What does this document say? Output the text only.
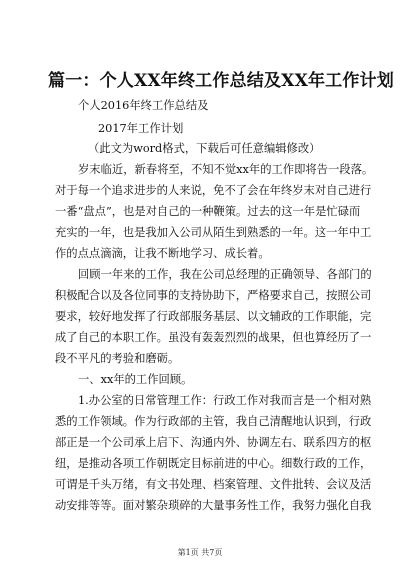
篇一：个人XX年终工作总结及XX年工作计划
个人2016年终工作总结及
2017年工作计划
（此文为word格式，下载后可任意编辑修改）
岁末临近，新春将至，不知不觉xx年的工作即将告一段落。
对于每一个追求进步的人来说，免不了会在年终岁末对自己进行
一番“盘点”，也是对自己的一种鞭策。过去的这一年是忙碌而
充实的一年，也是我加入公司从陌生到熟悉的一年。这一年中工
作的点点滴滴，让我不断地学习、成长着。
回顾一年来的工作，我在公司总经理的正确领导、各部门的
积极配合以及各位同事的支持协助下，严格要求自己，按照公司
要求，较好地发挥了行政部服务基层、以文辅政的工作职能，完
成了自己的本职工作。虽没有轰轰烈烈的战果，但也算经历了一
段不平凡的考验和磨砺。
一、xx年的工作回顾。
1.办公室的日常管理工作：行政工作对我而言是一个相对熟
悉的工作领域。作为行政部的主管，我自己清醒地认识到，行政
部正是一个公司承上启下、沟通内外、协调左右、联系四方的枢
纽，是推动各项工作朝既定目标前进的中心。细数行政的工作，
可谓是千头万绪，有文书处理、档案管理、文件批转、会议及活
动安排等等。面对繁杂琐碎的大量事务性工作，我努力强化自我
第1页 共7页
